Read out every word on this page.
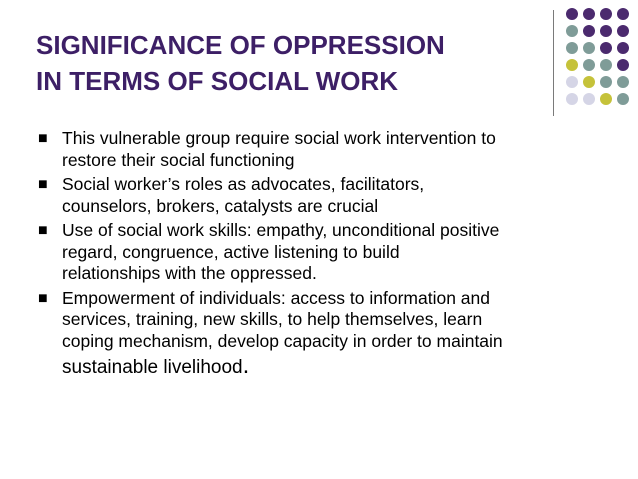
SIGNIFICANCE OF OPPRESSION
IN TERMS OF SOCIAL WORK
■ This vulnerable group require social work intervention to
restore their social functioning
■ Social worker’s roles as advocates, facilitators,
counselors, brokers, catalysts are crucial
■ Use of social work skills: empathy, unconditional positive
regard, congruence, active listening to build
relationships with the oppressed.
■ Empowerment of individuals: access to information and
services, training, new skills, to help themselves, learn
coping mechanism, develop capacity in order to maintain
sustainable livelihood.
